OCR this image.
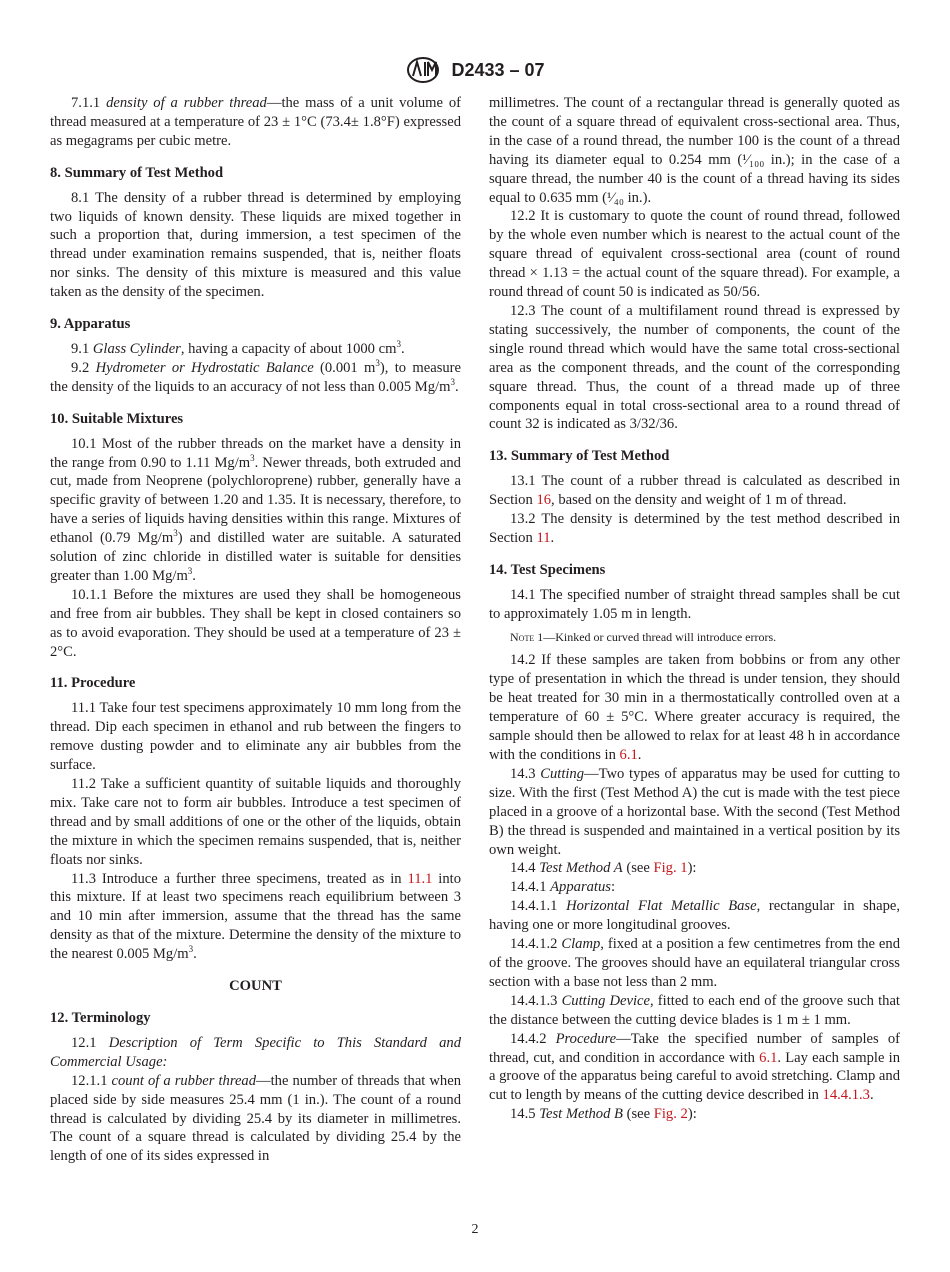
D2433 – 07

7.1.1 density of a rubber thread—the mass of a unit volume of thread measured at a temperature of 23 ± 1°C (73.4± 1.8°F) expressed as megagrams per cubic metre.

8. Summary of Test Method

8.1 The density of a rubber thread is determined by employing two liquids of known density. These liquids are mixed together in such a proportion that, during immersion, a test specimen of the thread under examination remains suspended, that is, neither floats nor sinks. The density of this mixture is measured and this value taken as the density of the specimen.

9. Apparatus

9.1 Glass Cylinder, having a capacity of about 1000 $cm^3$.

9.2 Hydrometer or Hydrostatic Balance (0.001 $m^3$), to measure the density of the liquids to an accuracy of not less than 0.005 $Mg/m^3$.

10. Suitable Mixtures

10.1 Most of the rubber threads on the market have a density in the range from 0.90 to 1.11 $Mg/m^3$. Newer threads, both extruded and cut, made from Neoprene (polychloroprene) rubber, generally have a specific gravity of between 1.20 and 1.35. It is necessary, therefore, to have a series of liquids having densities within this range. Mixtures of ethanol (0.79 $Mg/m^3$) and distilled water are suitable. A saturated solution of zinc chloride in distilled water is suitable for densities greater than 1.00 $Mg/m^3$.

10.1.1 Before the mixtures are used they shall be homogeneous and free from air bubbles. They shall be kept in closed containers so as to avoid evaporation. They should be used at a temperature of 23 ± 2°C.

11. Procedure

11.1 Take four test specimens approximately 10 mm long from the thread. Dip each specimen in ethanol and rub between the fingers to remove dusting powder and to eliminate any air bubbles from the surface.

11.2 Take a sufficient quantity of suitable liquids and thoroughly mix. Take care not to form air bubbles. Introduce a test specimen of thread and by small additions of one or the other of the liquids, obtain the mixture in which the specimen remains suspended, that is, neither floats nor sinks.

11.3 Introduce a further three specimens, treated as in 11.1 into this mixture. If at least two specimens reach equilibrium between 3 and 10 min after immersion, assume that the thread has the same density as that of the mixture. Determine the density of the mixture to the nearest 0.005 $Mg/m^3$.

COUNT
12. Terminology

12.1 Description of Term Specific to This Standard and Commercial Usage:

12.1.1 count of a rubber thread—the number of threads that when placed side by side measures 25.4 mm (1 in.). The count of a round thread is calculated by dividing 25.4 by its diameter in millimetres. The count of a square thread is calculated by dividing 25.4 by the length of one of its sides expressed in

millimetres. The count of a rectangular thread is generally quoted as the count of a square thread of equivalent cross-sectional area. Thus, in the case of a round thread, the number 100 is the count of a thread having its diameter equal to 0.254 mm (¹⁄₁₀₀ in.); in the case of a square thread, the number 40 is the count of a thread having its sides equal to 0.635 mm (¹⁄₄₀ in.).

12.2 It is customary to quote the count of round thread, followed by the whole even number which is nearest to the actual count of the square thread of equivalent cross-sectional area (count of round thread × 1.13 = the actual count of the square thread). For example, a round thread of count 50 is indicated as 50/56.

12.3 The count of a multifilament round thread is expressed by stating successively, the number of components, the count of the single round thread which would have the same total cross-sectional area as the component threads, and the count of the corresponding square thread. Thus, the count of a thread made up of three components equal in total cross-sectional area to a round thread of count 32 is indicated as 3/32/36.

13. Summary of Test Method

13.1 The count of a rubber thread is calculated as described in Section 16, based on the density and weight of 1 m of thread.

13.2 The density is determined by the test method described in Section 11.

14. Test Specimens

14.1 The specified number of straight thread samples shall be cut to approximately 1.05 m in length.

Note 1—Kinked or curved thread will introduce errors.

14.2 If these samples are taken from bobbins or from any other type of presentation in which the thread is under tension, they should be heat treated for 30 min in a thermostatically controlled oven at a temperature of 60 ± 5°C. Where greater accuracy is required, the sample should then be allowed to relax for at least 48 h in accordance with the conditions in 6.1.

14.3 Cutting—Two types of apparatus may be used for cutting to size. With the first (Test Method A) the cut is made with the test piece placed in a groove of a horizontal base. With the second (Test Method B) the thread is suspended and maintained in a vertical position by its own weight.

14.4 Test Method A (see Fig. 1):

14.4.1 Apparatus:

14.4.1.1 Horizontal Flat Metallic Base, rectangular in shape, having one or more longitudinal grooves.

14.4.1.2 Clamp, fixed at a position a few centimetres from the end of the groove. The grooves should have an equilateral triangular cross section with a base not less than 2 mm.

14.4.1.3 Cutting Device, fitted to each end of the groove such that the distance between the cutting device blades is 1 m ± 1 mm.

14.4.2 Procedure—Take the specified number of samples of thread, cut, and condition in accordance with 6.1. Lay each sample in a groove of the apparatus being careful to avoid stretching. Clamp and cut to length by means of the cutting device described in 14.4.1.3.

14.5 Test Method B (see Fig. 2):

2
